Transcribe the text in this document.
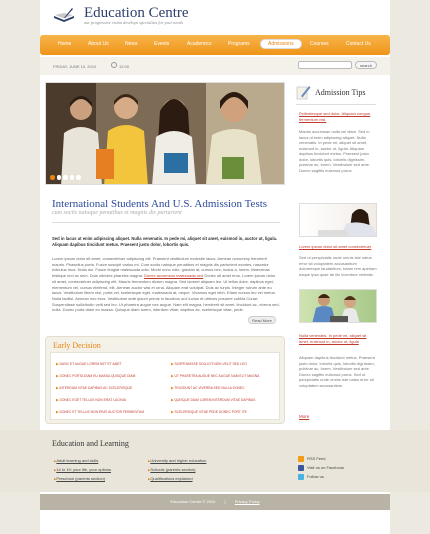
Education Centre
our progressive vision develops specialists for your needs
Home	About Us	News	Events	Academics	Programs	Admissions	Courses	Contact Us
FRIDAY, JUNE 10, 2010	12:00	search
International Students And U.S. Admission Tests
cum sociis natoque penatibus et magnis dis parturient
Sed in lacus ut enim adipiscing aliquet. Nulla venenatis. In pede mi, aliquet sit amet, euismod in, auctor ut, ligula. Aliquam dapibus tincidunt metus. Praesent justo dolor, lobortis quis.
Lorem ipsum dolor sit amet, consectetuer adipiscing elit. Praesent vestibulum molestie lacus. Aenean nonummy hendrerit mauris. Phasellus porta. Fusce suscipit varius mi. Cum sociis natoque penatibus et magnis dis parturient montes, nascetur ridiculus mus. Nulla dui. Fusce feugiat malesuada odio. Morbi nunc odio, gravida at, cursus nec, luctus a, lorem. Maecenas tristique orci ac sem. Duis ultricies pharetra magna. Donec accumsan malesuada orci Donec sit amet eros. Lorem ipsum dolor sit amet, consectetuer adipiscing elit. Mauris fermentum dictum magna. Sed laoreet aliquam leo. Ut tellus dolor, dapibus eget, elementum vel, cursus eleifend, elit. Aenean auctor wisi et urna. Aliquam erat volutpat. Duis ac turpis. Integer rutrum ante eu lacus. Vestibulum libero nisl, porta vel, scelerisque eget, malesuada at, neque. Vivamus eget nibh. Etiam cursus leo vel metus. Nulla facilisi. Aenean nec eros. Vestibulum ante ipsum primis in faucibus orci luctus et ultrices posuere cubilia Curae; Suspendisse sollicitudin velit sed leo. Ut pharetra augue nec augue. Nam elit magna, hendrerit sit amet, tincidunt ac, viverra sed, nulla. Donec porta diam eu massa. Quisque diam lorem, interdum vitae, dapibus ac, scelerisque vitae, pede.
Read More
Early Decision
▶ NUNC ET AUGUE LOREM NET ET AMET	▶ SUSPENDISSE SOLLICITUDIN VELIT SED LEO
▶ DONEC PORTA DIAM EU MASSA QUISQUE DIAM	▶ UT PHARETRA AUGUE NEC AUGUE NAM ELIT MAGNA
▶ INTERDUM VITAE DAPIBUS AC SCELERISQUE	▶ TINCIDUNT AC VIVERRA SED NULLA DONEC
▶ DONEC EGET TELLUS NON ERAT LACINIA	▶ QUISQUE DIAM LOREM INTERDUM VITAE DAPIBUS
▶ DONEC ET TELLUS NON ERAT AUCTOR FERMENTUM	▶ SCELERISQUE VITAE PEDE DONEC PORT ITE
Admission Tips
Pellentesque sed dolor. Aliquam congue fermentum nisl.
Mauris accumsan nulla vel diam. Sed in lacus ut enim adipiscing aliquet. Nulla venenatis. In pede mi, aliquet sit amet, euismod in, auctor ut, ligula. Aliquam dapibus tincidunt metus. Praesent justo dolor, lobortis quis, lobortis dignissim, pulvinar ac, lorem. Vestibulum sed ante. Donec sagittis euismod purus.
Lorem ipsum dolor sit amet consectetuer
Sed ut perspiciatis unde omnis iste natus error sit voluptatem accusantium doloremque laudantium, totam rem aperiam eaque ipsa quae ab illo inventore veritatis.
Nulla venenatis. In pede mi, aliquet sit amet, euismod in, auctor ut, ligula
Aliquam dapibus tincidunt metus. Praesent justo dolor, lobortis quis, lobortis dignissim, pulvinar ac, lorem. Vestibulum sed ante. Donec sagittis euismod purus. Sed ut perspiciatis unde omnis iste natus error sit voluptatem accusantium.
More
Education and Learning
▶ Adult learning and skills
▶ 14 to 19: your life, your options
▶ Preschool (parents section)
▶ University and higher education
▶ Schools (parents section)
▶ Qualifications explained
RSS Feed
Visit us on Facebook
Follow us
Education Centre © 2010 | Privacy Policy
